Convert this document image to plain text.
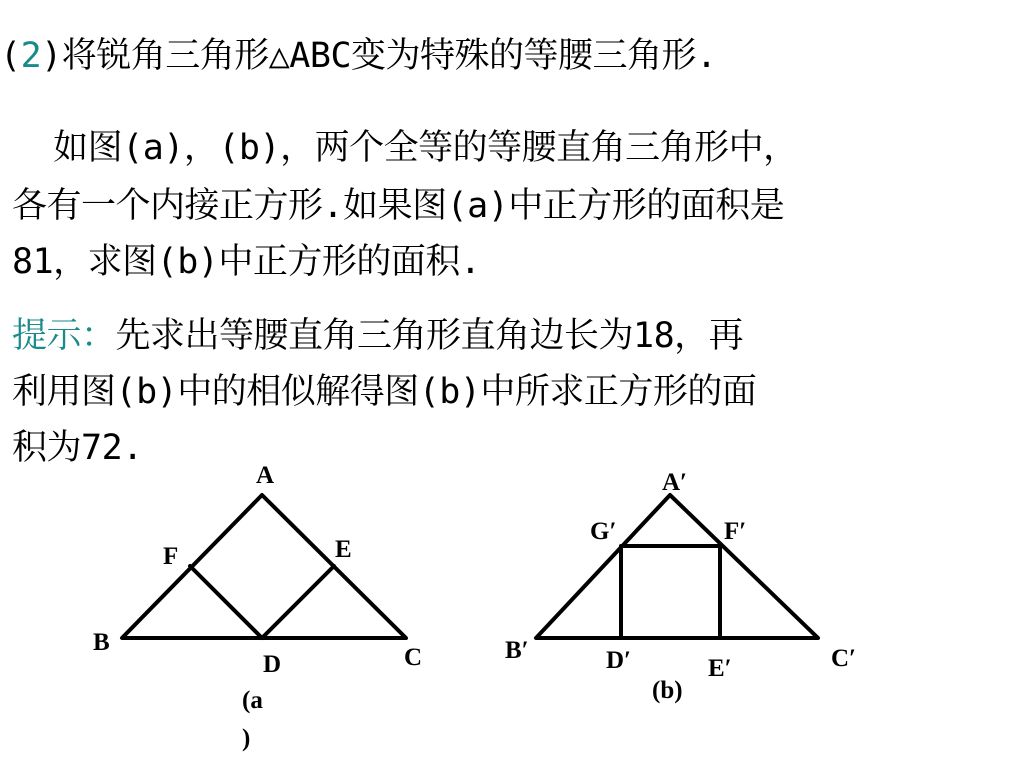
(2)将锐角三角形△ABC变为特殊的等腰三角形.
如图(a)，(b)，两个全等的等腰直角三角形中，
各有一个内接正方形.如果图(a)中正方形的面积是
81，求图(b)中正方形的面积.
提示：先求出等腰直角三角形直角边长为18，再
利用图(b)中的相似解得图(b)中所求正方形的面
积为72.
A
F	E
B
C
D
(a
)
A′
G′	F′
B′	D′	E′	C′
(b)
